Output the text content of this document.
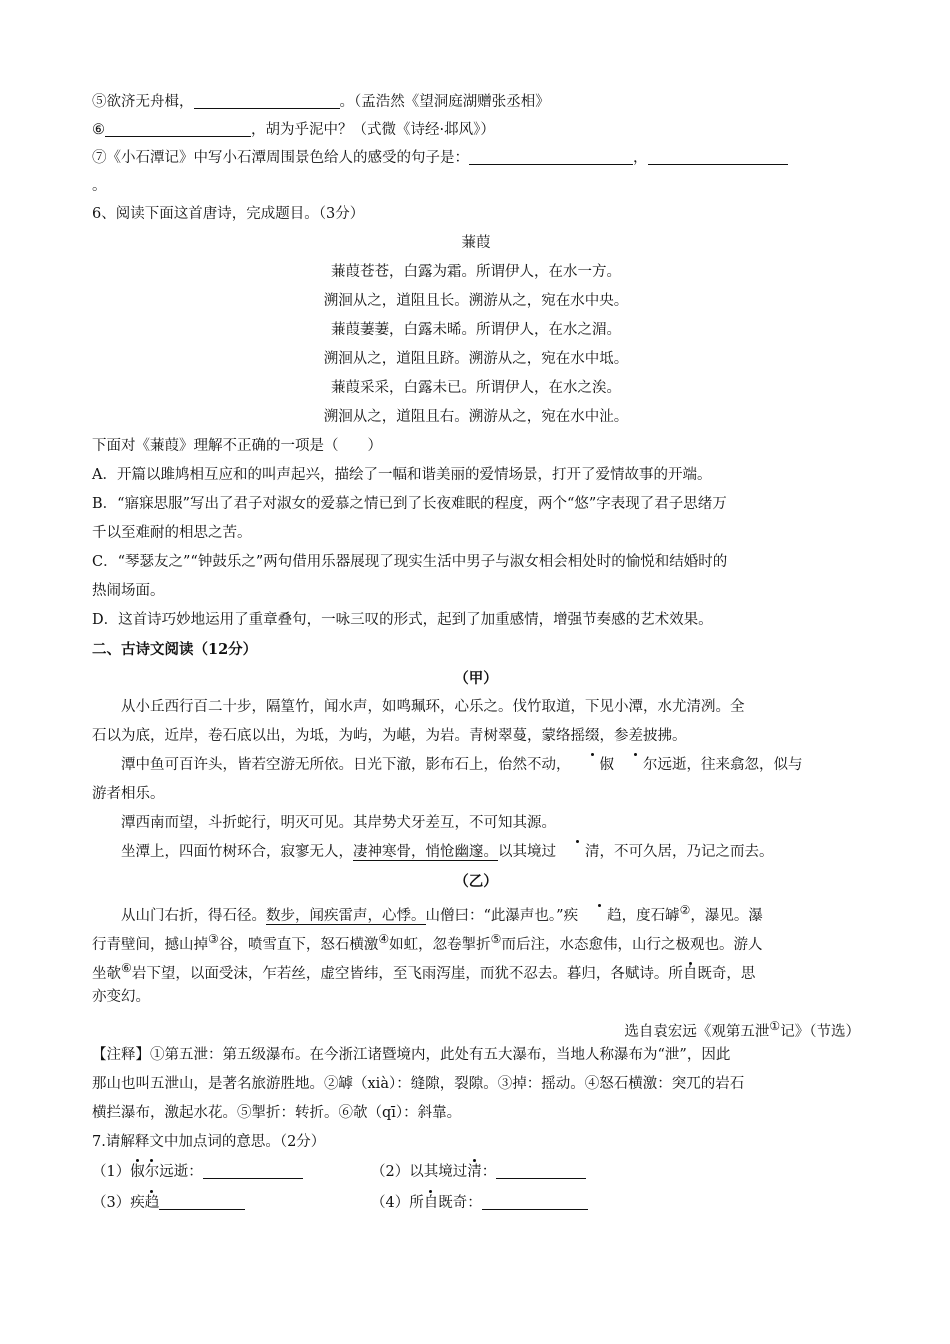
⑤欲济无舟楫，	。（孟浩然《望洞庭湖赠张丞相》
⑥	，胡为乎泥中？（式微《诗经·邶风》）
⑦《小石潭记》中写小石潭周围景色给人的感受的句子是：	，
。
6、阅读下面这首唐诗，完成题目。（3分）
蒹葭
蒹葭苍苍，白露为霜。所谓伊人，在水一方。
溯洄从之，道阻且长。溯游从之，宛在水中央。
蒹葭萋萋，白露未晞。所谓伊人，在水之湄。
溯洄从之，道阻且跻。溯游从之，宛在水中坻。
蒹葭采采，白露未已。所谓伊人，在水之涘。
溯洄从之，道阻且右。溯游从之，宛在水中沚。
下面对《蒹葭》理解不正确的一项是（　　）
A．开篇以雎鸠相互应和的叫声起兴，描绘了一幅和谐美丽的爱情场景，打开了爱情故事的开端。
B．“寤寐思服”写出了君子对淑女的爱慕之情已到了长夜难眠的程度，两个“悠”字表现了君子思绪万
千以至难耐的相思之苦。
C．“琴瑟友之”“钟鼓乐之”两句借用乐器展现了现实生活中男子与淑女相会相处时的愉悦和结婚时的
热闹场面。
D．这首诗巧妙地运用了重章叠句，一咏三叹的形式，起到了加重感情，增强节奏感的艺术效果。
二、古诗文阅读（12分）
（甲）
从小丘西行百二十步，隔篁竹，闻水声，如鸣珮环，心乐之。伐竹取道，下见小潭，水尤清冽。全
石以为底，近岸，卷石底以出，为坻，为屿，为嵁，为岩。青树翠蔓，蒙络摇缀，参差披拂。
潭中鱼可百许头，皆若空游无所依。日光下澈，影布石上，佁然不动， 俶 尔远逝，往来翕忽，似与
游者相乐。
潭西南而望，斗折蛇行，明灭可见。其岸势犬牙差互，不可知其源。
坐潭上，四面竹树环合，寂寥无人，凄神寒骨，悄怆幽邃。以其境过 清，不可久居，乃记之而去。
（乙）
从山门右折，得石径。数步，闻疾雷声，心悸。山僧曰：“此瀑声也。”疾 趋，度石罅②，瀑见。瀑
行青壁间，撼山掉③谷，喷雪直下，怒石横激④如虹，忽卷掣折⑤而后注，水态愈伟，山行之极观也。游人
坐欹⑥岩下望，以面受沫，乍若丝，虚空皆纬，至飞雨泻崖，而犹不忍去。暮归，各赋诗。所自既奇，思
亦变幻。
选自袁宏远《观第五泄①记》（节选）
【注释】①第五泄：第五级瀑布。在今浙江诸暨境内，此处有五大瀑布，当地人称瀑布为“泄”，因此
那山也叫五泄山，是著名旅游胜地。②罅（xià）：缝隙，裂隙。③掉：摇动。④怒石横激：突兀的岩石
横拦瀑布，激起水花。⑤掣折：转折。⑥欹（qī）：斜靠。
7.请解释文中加点词的意思。（2分）
（1）俶尔远逝：	（2）以其境过清：
（3）疾趋	（4）所自既奇：
